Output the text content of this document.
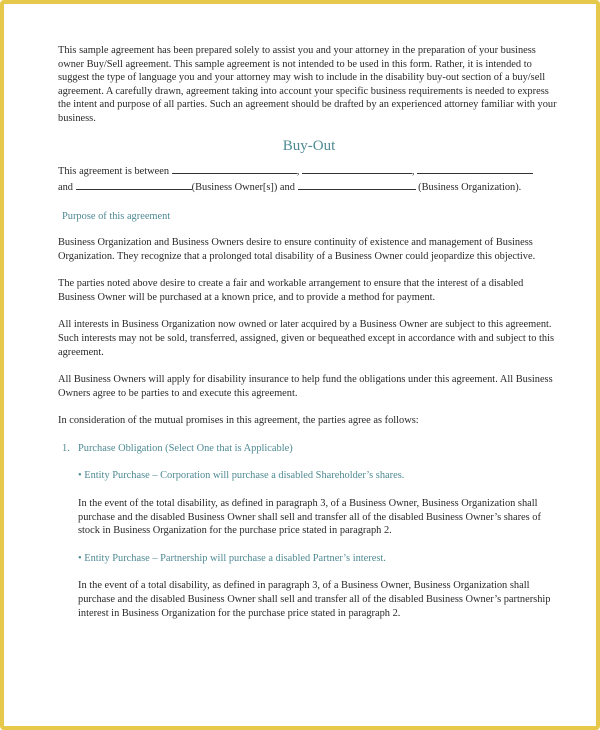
This sample agreement has been prepared solely to assist you and your attorney in the preparation of your business owner Buy/Sell agreement. This sample agreement is not intended to be used in this form. Rather, it is intended to suggest the type of language you and your attorney may wish to include in the disability buy-out section of a buy/sell agreement. A carefully drawn, agreement taking into account your specific business requirements is needed to express the intent and purpose of all parties. Such an agreement should be drafted by an experienced attorney familiar with your business.

Buy-Out
This agreement is between	,	,
and	(Business Owner[s]) and	(Business Organization).
Purpose of this agreement

Business Organization and Business Owners desire to ensure continuity of existence and management of Business Organization. They recognize that a prolonged total disability of a Business Owner could jeopardize this objective.

The parties noted above desire to create a fair and workable arrangement to ensure that the interest of a disabled Business Owner will be purchased at a known price, and to provide a method for payment.

All interests in Business Organization now owned or later acquired by a Business Owner are subject to this agreement. Such interests may not be sold, transferred, assigned, given or bequeathed except in accordance with and subject to this agreement.

All Business Owners will apply for disability insurance to help fund the obligations under this agreement. All Business Owners agree to be parties to and execute this agreement.

In consideration of the mutual promises in this agreement, the parties agree as follows:

1. Purchase Obligation (Select One that is Applicable)
• Entity Purchase – Corporation will purchase a disabled Shareholder’s shares.

In the event of the total disability, as defined in paragraph 3, of a Business Owner, Business Organization shall purchase and the disabled Business Owner shall sell and transfer all of the disabled Business Owner’s shares of stock in Business Organization for the purchase price stated in paragraph 2.

• Entity Purchase – Partnership will purchase a disabled Partner’s interest.

In the event of a total disability, as defined in paragraph 3, of a Business Owner, Business Organization shall purchase and the disabled Business Owner shall sell and transfer all of the disabled Business Owner’s partnership interest in Business Organization for the purchase price stated in paragraph 2.
